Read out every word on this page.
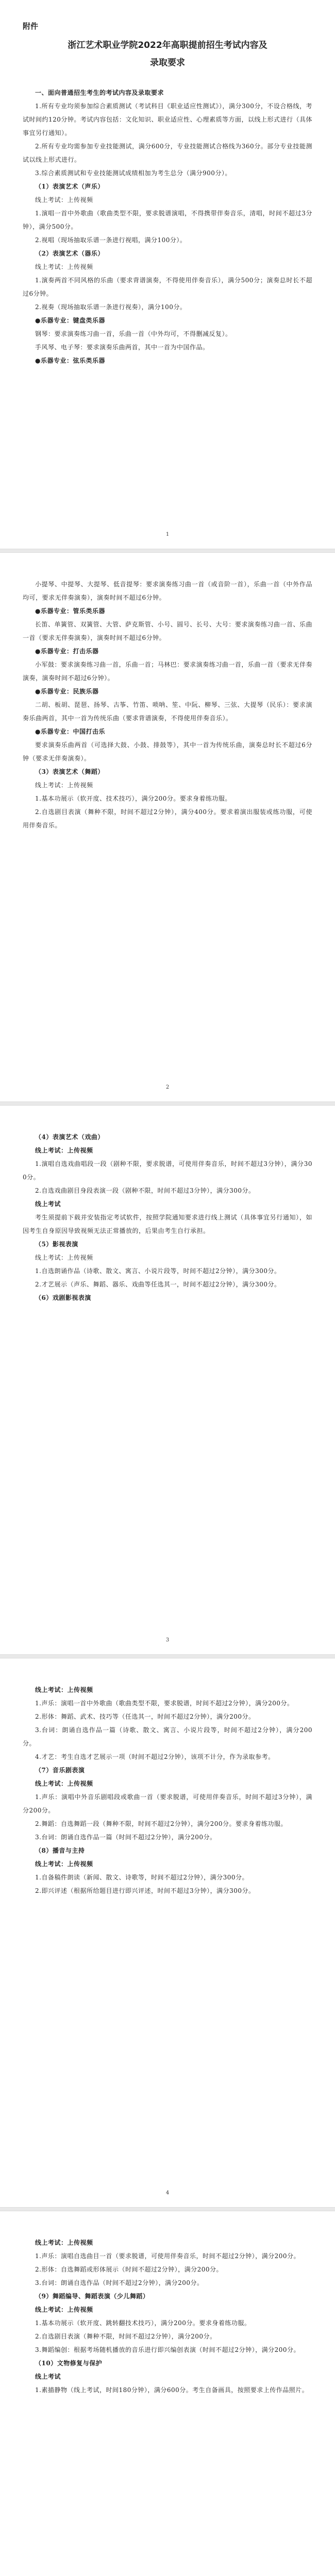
附件
浙江艺术职业学院2022年高职提前招生考试内容及
录取要求

一、面向普通招生考生的考试内容及录取要求

1.所有专业均须参加综合素质测试（考试科目《职业适应性测试》），满分300分，不设合格线，考试时间约120分钟。考试内容包括：文化知识、职业适应性、心理素质等方面，以线上形式进行（具体事宜另行通知）。

2.所有专业均需参加专业技能测试，满分600分，专业技能测试合格线为360分。部分专业技能测试以线上形式进行。

3.综合素质测试和专业技能测试成绩相加为考生总分（满分900分）。

（1）表演艺术（声乐）

线上考试：上传视频

1.演唱一首中外歌曲（歌曲类型不限，要求脱谱演唱，不得携带伴奏音乐，清唱，时间不超过3分钟），满分500分。

2.视唱（现场抽取乐谱一条进行视唱，满分100分）。

（2）表演艺术（器乐）

线上考试：上传视频

1.演奏两首不同风格的乐曲（要求背谱演奏，不得使用伴奏音乐），满分500分；演奏总时长不超过6分钟。

2.视奏（现场抽取乐谱一条进行视奏），满分100分。

●乐器专业：键盘类乐器

钢琴：要求演奏练习曲一首，乐曲一首（中外均可，不得删减反复）。

手风琴、电子琴：要求演奏乐曲两首，其中一首为中国作品。

●乐器专业：弦乐类乐器

1

小提琴、中提琴、大提琴、低音提琴：要求演奏练习曲一首（或音阶一首），乐曲一首（中外作品均可，要求无伴奏演奏），演奏时间不超过6分钟。

●乐器专业：管乐类乐器

长笛、单簧管、双簧管、大管、萨克斯管、小号、圆号、长号、大号：要求演奏练习曲一首、乐曲一首（要求无伴奏演奏），演奏时间不超过6分钟。

●乐器专业：打击乐器

小军鼓：要求演奏练习曲一首，乐曲一首；马林巴：要求演奏练习曲一首，乐曲一首（要求无伴奏演奏，演奏时间不超过6分钟）。

●乐器专业：民族乐器

二胡、板胡、琵琶、扬琴、古筝、竹笛、唢呐、笙、中阮、柳琴、三弦、大提琴（民乐）：要求演奏乐曲两首，其中一首为传统乐曲（要求背谱演奏，不得使用伴奏音乐）。

●乐器专业：中国打击乐

要求演奏乐曲两首（可选择大鼓、小鼓、排鼓等），其中一首为传统乐曲，演奏总时长不超过6分钟（要求无伴奏演奏）。

（3）表演艺术（舞蹈）

线上考试：上传视频

1.基本功展示（软开度、技术技巧），满分200分。要求身着练功服。

2.自选剧目表演（舞种不限，时间不超过2分钟），满分400分。要求着演出服装或练功服，可使用伴奏音乐。

2

（4）表演艺术（戏曲）

线上考试：上传视频

1.演唱自选戏曲唱段一段（剧种不限，要求脱谱，可使用伴奏音乐，时间不超过3分钟），满分300分。

2.自选戏曲剧目身段表演一段（剧种不限，时间不超过3分钟），满分300分。

线上考试

考生须提前下载并安装指定考试软件，按照学院通知要求进行线上测试（具体事宜另行通知），如因考生自身原因导致视频无法正常播放的，后果由考生自行承担。

（5）影视表演

线上考试：上传视频

1.自选朗诵作品（诗歌、散文、寓言、小说片段等，时间不超过2分钟），满分300分。

2.才艺展示（声乐、舞蹈、器乐、戏曲等任选其一，时间不超过2分钟），满分300分。

（6）戏剧影视表演

3

线上考试：上传视频

1.声乐：演唱一首中外歌曲（歌曲类型不限，要求脱谱，时间不超过2分钟），满分200分。

2.形体：舞蹈、武术、技巧等（任选其一，时间不超过2分钟），满分200分。

3.台词：朗诵自选作品一篇（诗歌、散文、寓言、小说片段等，时间不超过2分钟），满分200分。

4.才艺：考生自选才艺展示一项（时间不超过2分钟），该项不计分，作为录取参考。

（7）音乐剧表演

线上考试：上传视频

1.声乐：演唱中外音乐剧唱段或歌曲一首（要求脱谱，可使用伴奏音乐，时间不超过3分钟），满分200分。

2.舞蹈：自选舞蹈一段（舞种不限，时间不超过2分钟），满分200分。要求身着练功服。

3.台词：朗诵自选作品一篇（时间不超过2分钟），满分200分。

（8）播音与主持

线上考试：上传视频

1.自备稿件朗读（新闻、散文、诗歌等，时间不超过2分钟），满分300分。

2.即兴评述（根据所给题目进行即兴评述，时间不超过3分钟），满分300分。

4

线上考试：上传视频

1.声乐：演唱自选曲目一首（要求脱谱，可使用伴奏音乐，时间不超过2分钟），满分200分。

2.形体：自选舞蹈或形体展示（时间不超过2分钟），满分200分。

3.台词：朗诵自选作品（时间不超过2分钟），满分200分。

（9）舞蹈编导、舞蹈表演（少儿舞蹈）

线上考试：上传视频

1.基本功展示（软开度、跳转翻技术技巧），满分200分。要求身着练功服。

2.自选剧目表演（舞种不限，时间不超过2分钟），满分200分。

3.舞蹈编创：根据考场随机播放的音乐进行即兴编创表演（时间不超过2分钟），满分200分。

（10）文物修复与保护

线上考试

1.素描静物（线上考试，时间180分钟），满分600分。考生自备画具，按照要求上传作品照片。
